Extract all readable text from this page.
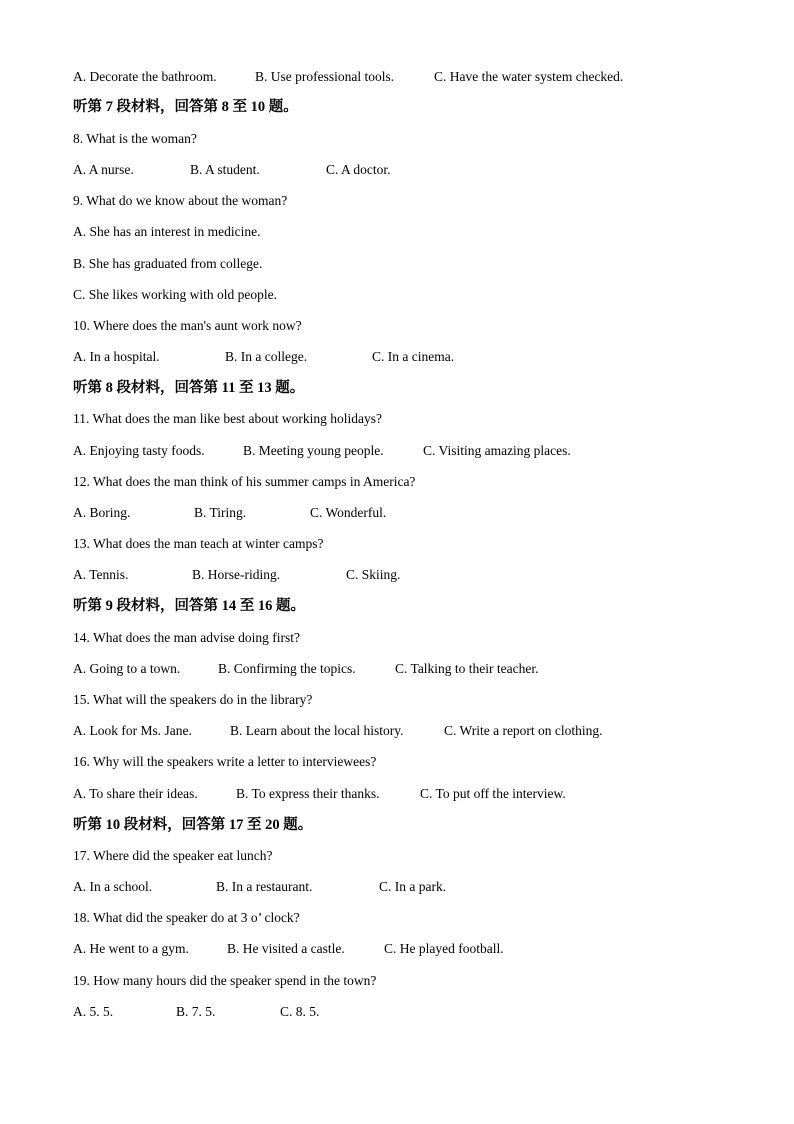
A. Decorate the bathroom.	B. Use professional tools.	C. Have the water system checked.
听第 7 段材料，回答第 8 至 10 题。
8. What is the woman?
A. A nurse.	B. A student.	C. A doctor.
9. What do we know about the woman?
A. She has an interest in medicine.
B. She has graduated from college.
C. She likes working with old people.
10. Where does the man's aunt work now?
A. In a hospital.	B. In a college.	C. In a cinema.
听第 8 段材料，回答第 11 至 13 题。
11. What does the man like best about working holidays?
A. Enjoying tasty foods.	B. Meeting young people.	C. Visiting amazing places.
12. What does the man think of his summer camps in America?
A. Boring.	B. Tiring.	C. Wonderful.
13. What does the man teach at winter camps?
A. Tennis.	B. Horse-riding.	C. Skiing.
听第 9 段材料，回答第 14 至 16 题。
14. What does the man advise doing first?
A. Going to a town.	B. Confirming the topics.	C. Talking to their teacher.
15. What will the speakers do in the library?
A. Look for Ms. Jane.	B. Learn about the local history.	C. Write a report on clothing.
16. Why will the speakers write a letter to interviewees?
A. To share their ideas.	B. To express their thanks.	C. To put off the interview.
听第 10 段材料，回答第 17 至 20 题。
17. Where did the speaker eat lunch?
A. In a school.	B. In a restaurant.	C. In a park.
18. What did the speaker do at 3 o’ clock?
A. He went to a gym.	B. He visited a castle.	C. He played football.
19. How many hours did the speaker spend in the town?
A. 5. 5.	B. 7. 5.	C. 8. 5.
